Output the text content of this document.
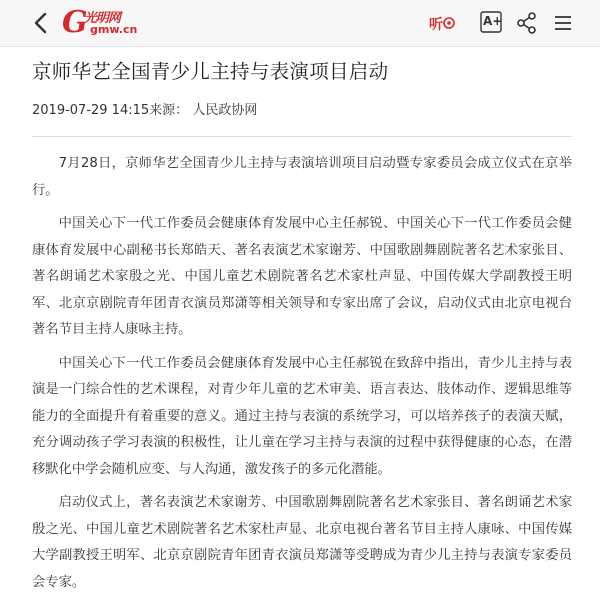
G
光明网
gmw.cn	听	A+
京师华艺全国青少儿主持与表演项目启动
2019-07-29 14:15来源： 人民政协网

7月28日，京师华艺全国青少儿主持与表演培训项目启动暨专家委员会成立仪式在京举行。

中国关心下一代工作委员会健康体育发展中心主任郝锐、中国关心下一代工作委员会健康体育发展中心副秘书长郑皓天、著名表演艺术家谢芳、中国歌剧舞剧院著名艺术家张目、著名朗诵艺术家殷之光、中国儿童艺术剧院著名艺术家杜声显、中国传媒大学副教授王明军、北京京剧院青年团青衣演员郑潇等相关领导和专家出席了会议，启动仪式由北京电视台著名节目主持人康咏主持。

中国关心下一代工作委员会健康体育发展中心主任郝锐在致辞中指出，青少儿主持与表演是一门综合性的艺术课程，对青少年儿童的艺术审美、语言表达、肢体动作、逻辑思维等能力的全面提升有着重要的意义。通过主持与表演的系统学习，可以培养孩子的表演天赋，充分调动孩子学习表演的积极性，让儿童在学习主持与表演的过程中获得健康的心态，在潜移默化中学会随机应变、与人沟通，激发孩子的多元化潜能。

启动仪式上，著名表演艺术家谢芳、中国歌剧舞剧院著名艺术家张目、著名朗诵艺术家殷之光、中国儿童艺术剧院著名艺术家杜声显、北京电视台著名节目主持人康咏、中国传媒大学副教授王明军、北京京剧院青年团青衣演员郑潇等受聘成为青少儿主持与表演专家委员会专家。
